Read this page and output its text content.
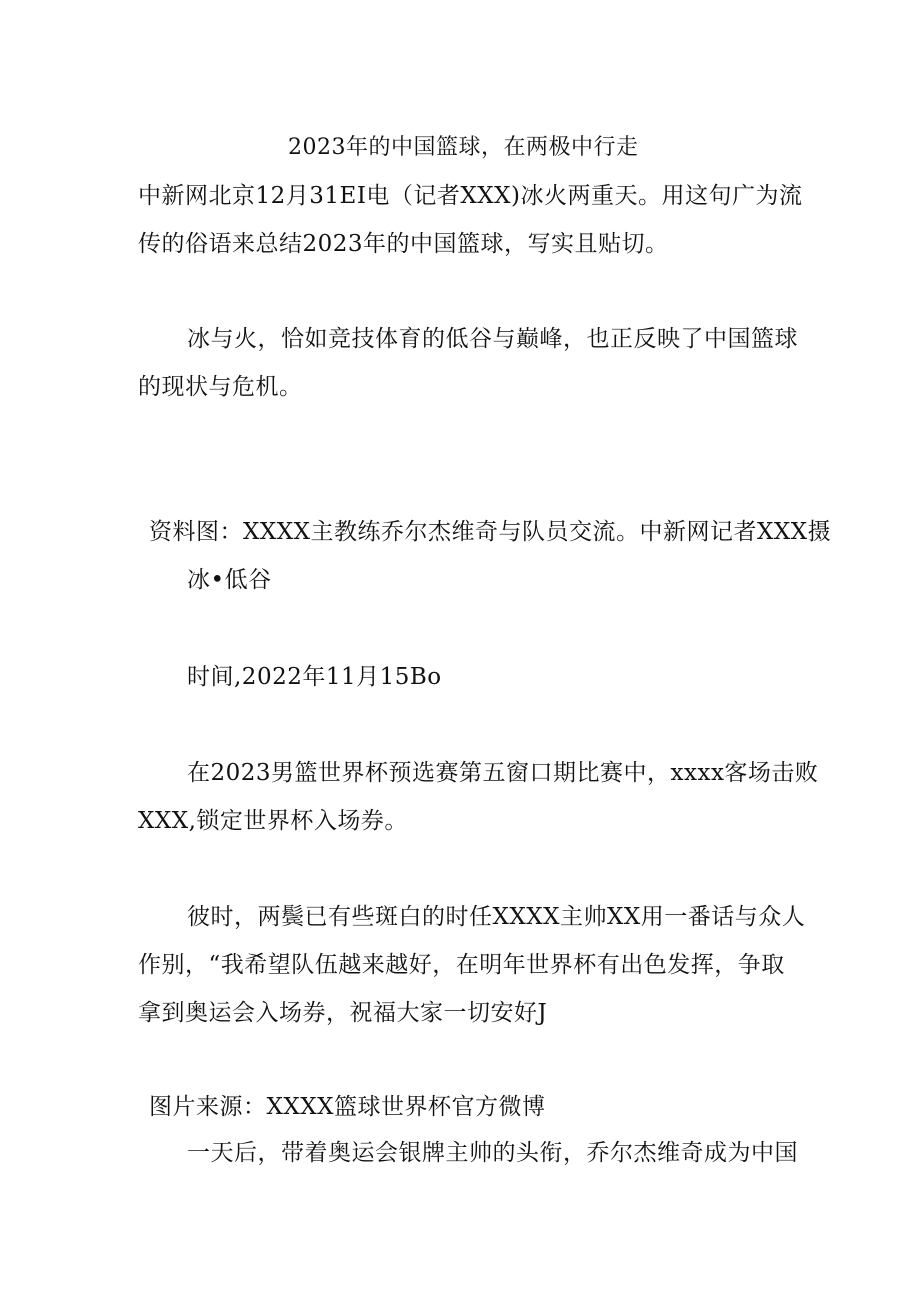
2023年的中国篮球，在两极中行走
中新网北京12月31EI电（记者XXX)冰火两重天。用这句广为流
传的俗语来总结2023年的中国篮球，写实且贴切。
冰与火，恰如竞技体育的低谷与巅峰，也正反映了中国篮球
的现状与危机。
资料图：XXXX主教练乔尔杰维奇与队员交流。中新网记者XXX摄
冰•低谷
时间,2022年11月15Bo
在2023男篮世界杯预选赛第五窗口期比赛中，xxxx客场击败
XXX,锁定世界杯入场券。
彼时，两鬓已有些斑白的时任XXXX主帅XX用一番话与众人
作别，“我希望队伍越来越好，在明年世界杯有出色发挥，争取
拿到奥运会入场券，祝福大家一切安好J
图片来源：XXXX篮球世界杯官方微博
一天后，带着奥运会银牌主帅的头衔，乔尔杰维奇成为中国
